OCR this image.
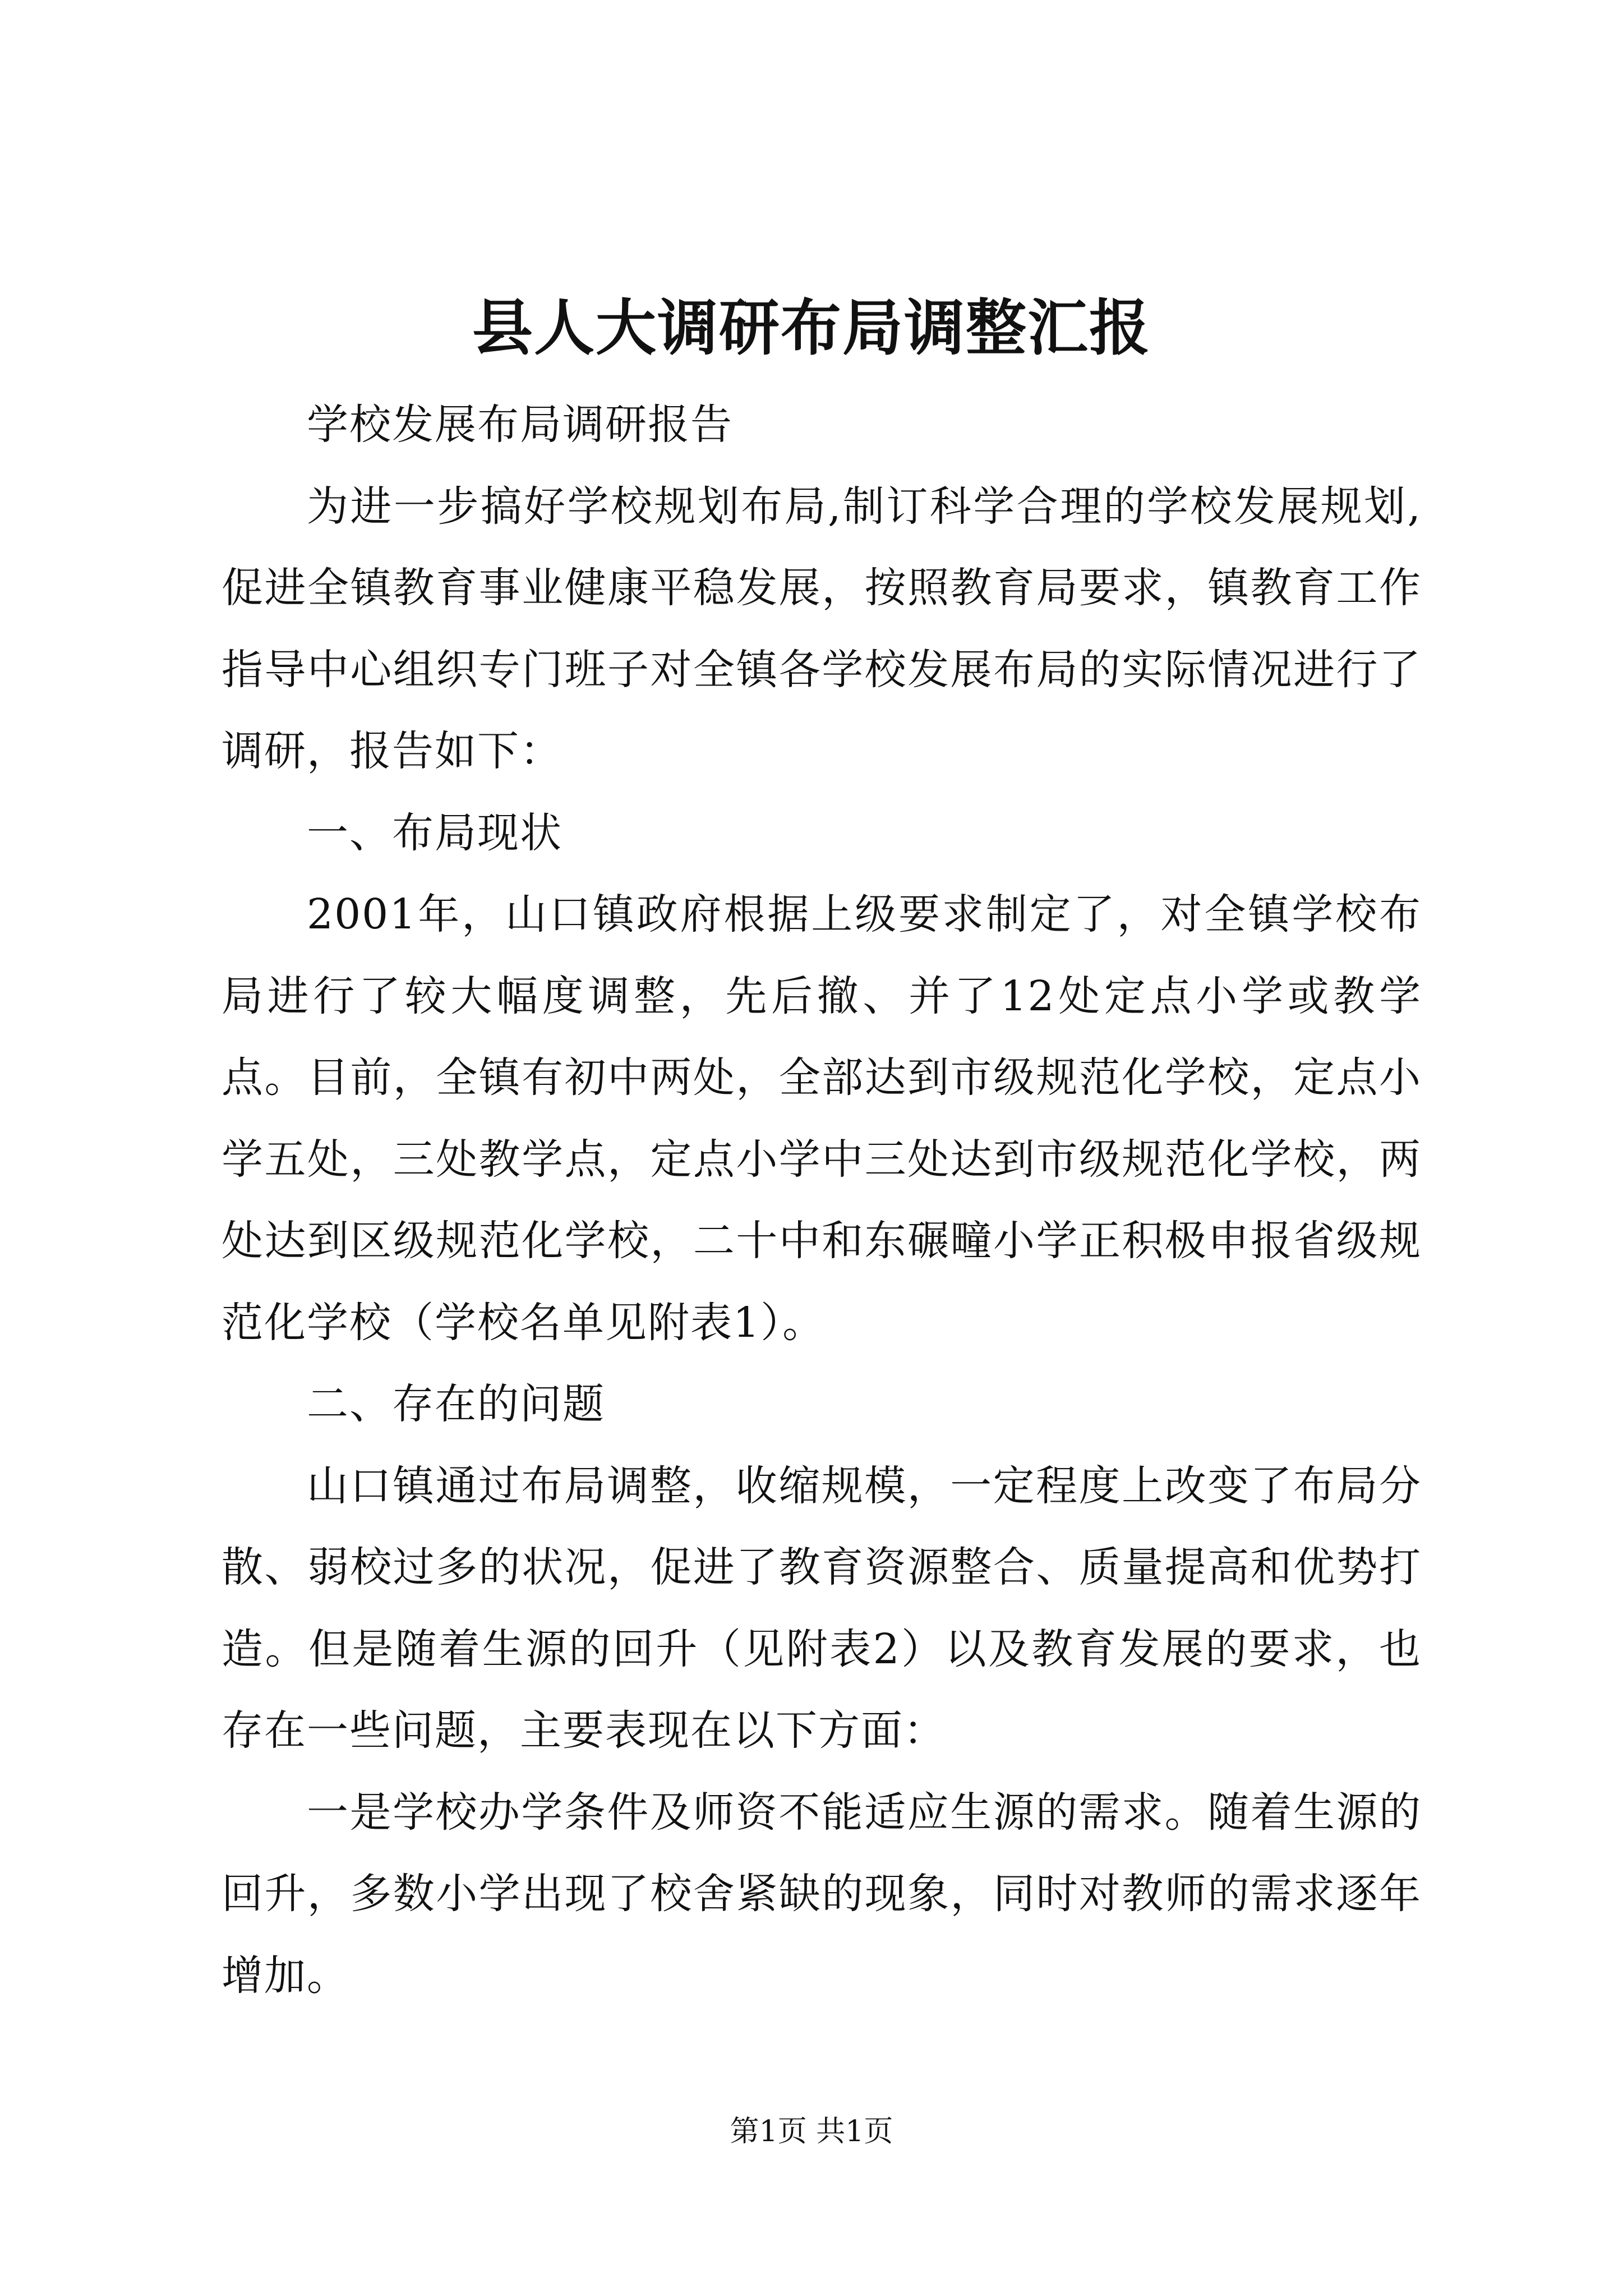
县人大调研布局调整汇报

学校发展布局调研报告

为进一步搞好学校规划布局,制订科学合理的学校发展规划,促进全镇教育事业健康平稳发展，按照教育局要求，镇教育工作指导中心组织专门班子对全镇各学校发展布局的实际情况进行了调研，报告如下：

一、布局现状

2001年，山口镇政府根据上级要求制定了，对全镇学校布局进行了较大幅度调整，先后撤、并了12处定点小学或教学点。目前，全镇有初中两处，全部达到市级规范化学校，定点小学五处，三处教学点，定点小学中三处达到市级规范化学校，两处达到区级规范化学校，二十中和东碾疃小学正积极申报省级规范化学校（学校名单见附表1）。

二、存在的问题

山口镇通过布局调整，收缩规模，一定程度上改变了布局分散、弱校过多的状况，促进了教育资源整合、质量提高和优势打造。但是随着生源的回升（见附表2）以及教育发展的要求，也存在一些问题，主要表现在以下方面：

一是学校办学条件及师资不能适应生源的需求。随着生源的回升，多数小学出现了校舍紧缺的现象，同时对教师的需求逐年增加。

第1页 共1页
